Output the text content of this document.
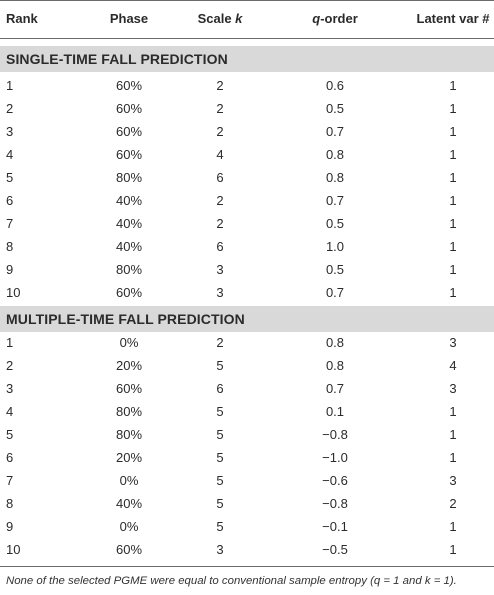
Rank	Phase	Scale k	q-order	Latent var #
SINGLE-TIME FALL PREDICTION
1	60%	2	0.6	1
2	60%	2	0.5	1
3	60%	2	0.7	1
4	60%	4	0.8	1
5	80%	6	0.8	1
6	40%	2	0.7	1
7	40%	2	0.5	1
8	40%	6	1.0	1
9	80%	3	0.5	1
10	60%	3	0.7	1
MULTIPLE-TIME FALL PREDICTION
1	0%	2	0.8	3
2	20%	5	0.8	4
3	60%	6	0.7	3
4	80%	5	0.1	1
5	80%	5	−0.8	1
6	20%	5	−1.0	1
7	0%	5	−0.6	3
8	40%	5	−0.8	2
9	0%	5	−0.1	1
10	60%	3	−0.5	1
None of the selected PGME were equal to conventional sample entropy (q = 1 and k = 1).
